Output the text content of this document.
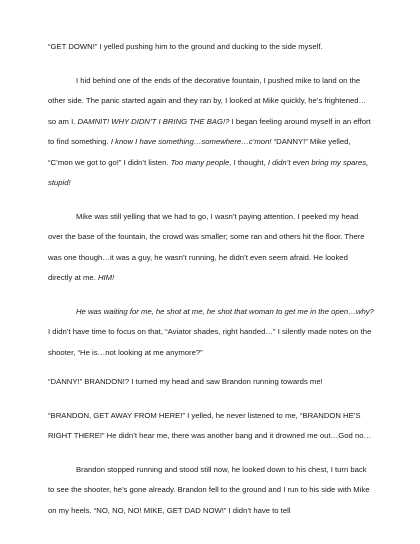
“GET DOWN!” I yelled pushing him to the ground and ducking to the side myself.

I hid behind one of the ends of the decorative fountain, I pushed mike to land on the other side. The panic started again and they ran by, I looked at Mike quickly, he’s frightened…so am I. DAMNIT! WHY DIDN’T I BRING THE BAG!? I began feeling around myself in an effort to find something. I know I have something…somewhere…c’mon! “DANNY!” Mike yelled, “C’mon we got to go!” I didn’t listen. Too many people, I thought, I didn’t even bring my spares, stupid!

Mike was still yelling that we had to go, I wasn’t paying attention. I peeked my head over the base of the fountain, the crowd was smaller; some ran and others hit the floor. There was one though…it was a guy, he wasn’t running, he didn’t even seem afraid. He looked directly at me. HIM!

He was waiting for me, he shot at me, he shot that woman to get me in the open…why? I didn’t have time to focus on that, “Aviator shades, right handed…” I silently made notes on the shooter, “He is…not looking at me anymore?”

“DANNY!” BRANDON!? I turned my head and saw Brandon running towards me!

“BRANDON, GET AWAY FROM HERE!” I yelled, he never listened to me, “BRANDON HE’S RIGHT THERE!” He didn’t hear me, there was another bang and it drowned me out…God no…

Brandon stopped running and stood still now, he looked down to his chest, I turn back to see the shooter, he’s gone already. Brandon fell to the ground and I run to his side with Mike on my heels. “NO, NO, NO! MIKE, GET DAD NOW!” I didn’t have to tell
